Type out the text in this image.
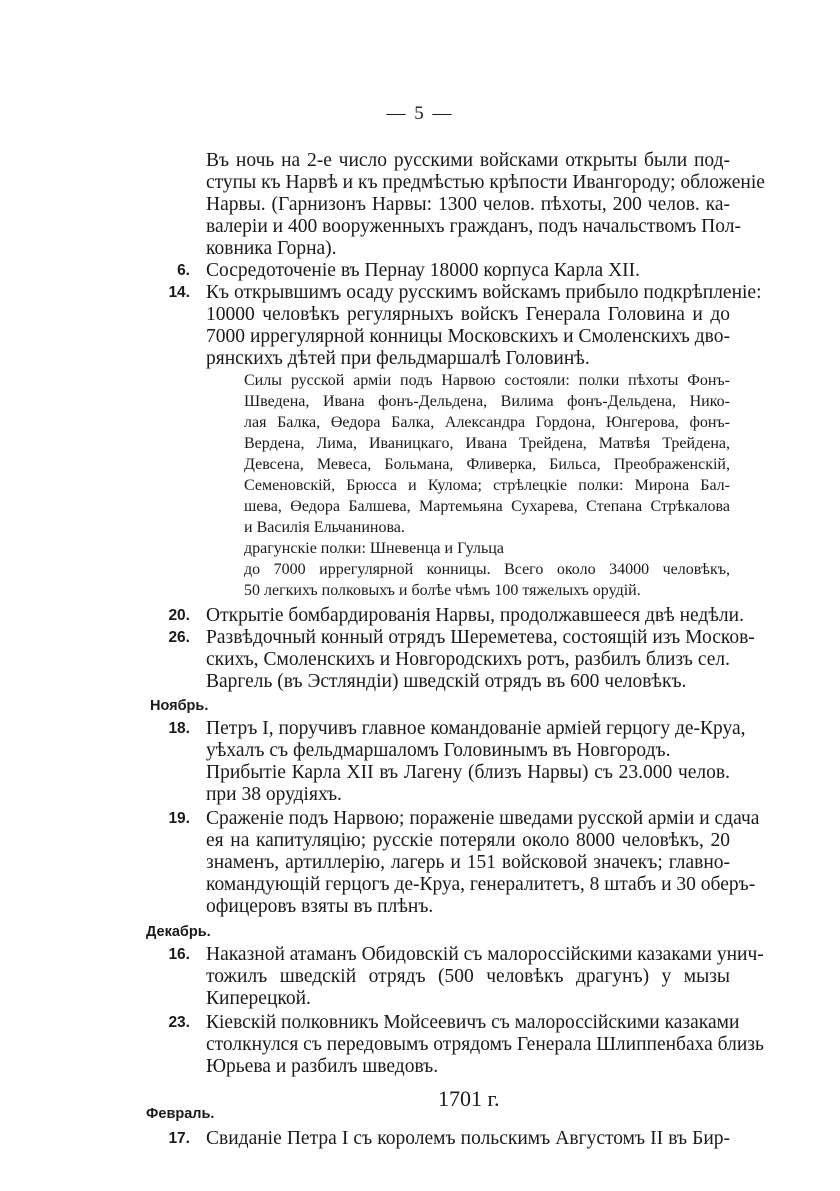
— 5 —
Въ ночь на 2-е число русскими войсками открыты были под-
ступы къ Нарвѣ и къ предмѣстью крѣпости Ивангороду; обложеніе
Нарвы. (Гарнизонъ Нарвы: 1300 челов. пѣхоты, 200 челов. ка-
валеріи и 400 вооруженныхъ гражданъ, подъ начальствомъ Пол-
ковника Горна).
6. Сосредоточеніе въ Пернау 18000 корпуса Карла XII.
14. Къ открывшимъ осаду русскимъ войскамъ прибыло подкрѣпленіе:
10000 человѣкъ регулярныхъ войскъ Генерала Головина и до
7000 иррегулярной конницы Московскихъ и Смоленскихъ дво-
рянскихъ дѣтей при фельдмаршалѣ Головинѣ.
Силы русской арміи подъ Нарвою состояли: полки пѣхоты Фонъ-
Шведена, Ивана фонъ-Дельдена, Вилима фонъ-Дельдена, Нико-
лая Балка, Өедора Балка, Александра Гордона, Юнгерова, фонъ-
Вердена, Лима, Иваницкаго, Ивана Трейдена, Матвѣя Трейдена,
Девсена, Мевеса, Больмана, Фливерка, Бильса, Преображенскій,
Семеновскій, Брюсса и Кулома; стрѣлецкіе полки: Мирона Бал-
шева, Өедора Балшева, Мартемьяна Сухарева, Степана Стрѣкалова
и Василія Ельчанинова.
драгунскіе полки: Шневенца и Гульца
до 7000 иррегулярной конницы. Всего около 34000 человѣкъ,
50 легкихъ полковыхъ и болѣе чѣмъ 100 тяжелыхъ орудій.
20. Открытіе бомбардированія Нарвы, продолжавшееся двѣ недѣли.
26. Развѣдочный конный отрядъ Шереметева, состоящій изъ Москов-
скихъ, Смоленскихъ и Новгородскихъ ротъ, разбилъ близъ сел.
Варгель (въ Эстляндіи) шведскій отрядъ въ 600 человѣкъ.
Ноябрь.
18. Петръ I, поручивъ главное командованіе арміей герцогу де-Круа,
уѣхалъ съ фельдмаршаломъ Головинымъ въ Новгородъ.
Прибытіе Карла XII въ Лагену (близъ Нарвы) съ 23.000 челов.
при 38 орудіяхъ.
19. Сраженіе подъ Нарвою; пораженіе шведами русской арміи и сдача
ея на капитуляцію; русскіе потеряли около 8000 человѣкъ, 20
знаменъ, артиллерію, лагерь и 151 войсковой значекъ; главно-
командующій герцогъ де-Круа, генералитетъ, 8 штабъ и 30 оберъ-
офицеровъ взяты въ плѣнъ.
Декабрь.
16. Наказной атаманъ Обидовскій съ малороссійскими казаками унич-
тожилъ шведскій отрядъ (500 человѣкъ драгунъ) у мызы
Киперецкой.
23. Кіевскій полковникъ Мойсеевичъ съ малороссійскими казаками
столкнулся съ передовымъ отрядомъ Генерала Шлиппенбаха близь
Юрьева и разбилъ шведовъ.
1701 г.
Февраль.
17. Свиданіе Петра I съ королемъ польскимъ Августомъ II въ Бир-
